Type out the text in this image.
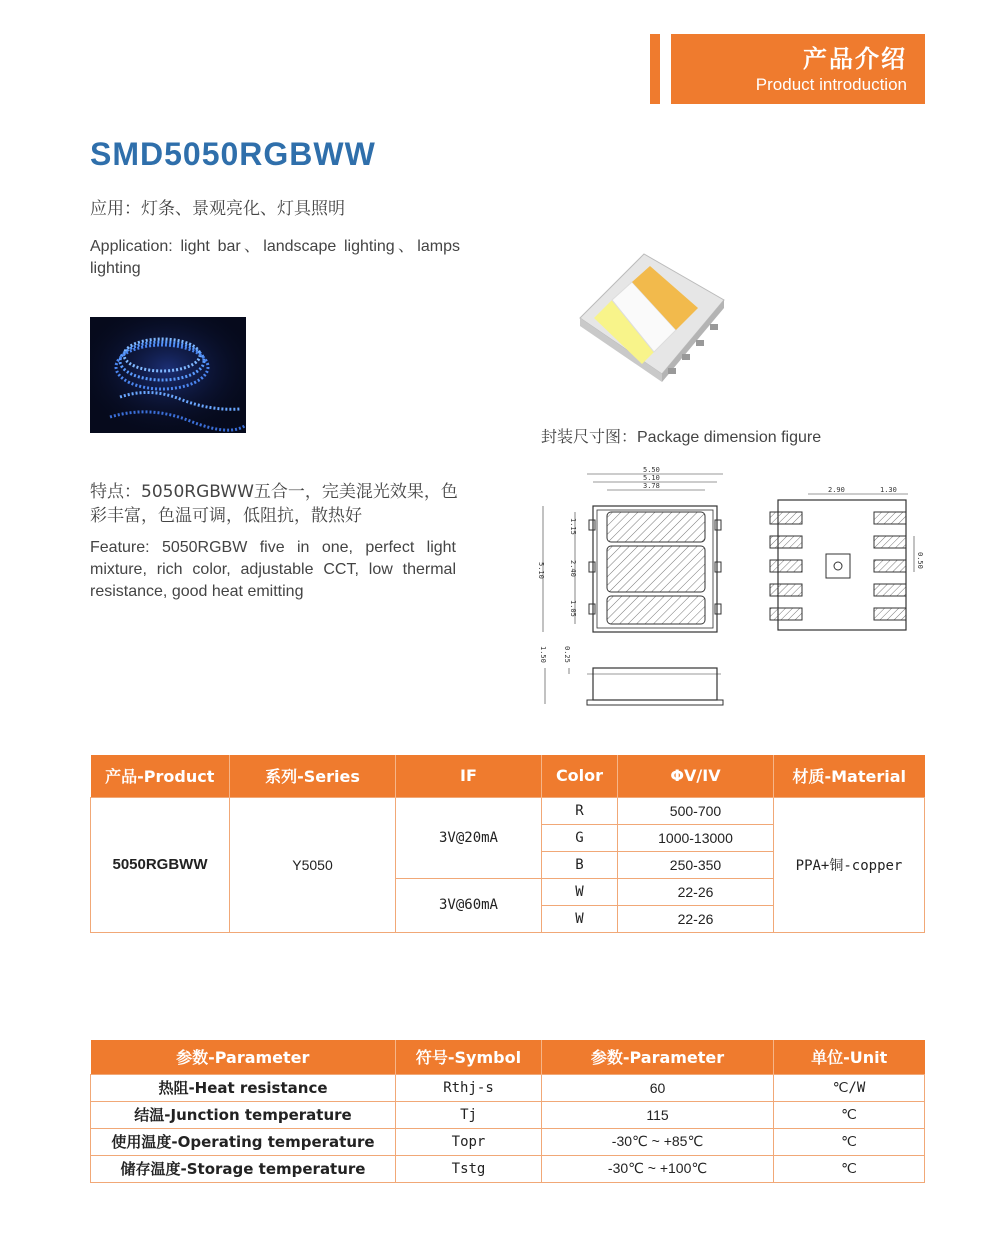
产品介绍
Product introduction
SMD5050RGBWW
应用：灯条、景观亮化、灯具照明
Application: light bar、landscape lighting、lamps lighting
特点：5050RGBWW五合一，完美混光效果，色彩丰富，色温可调，低阻抗，散热好
Feature: 5050RGBW five in one, perfect light mixture, rich color, adjustable CCT, low thermal resistance, good heat emitting
封装尺寸图：Package dimension figure
5.50
5.10
3.78
5.10
1.15
2.40
1.05
1.50 0.25
2.90	1.30
0.50
产品-Product	系列-Series	IF	Color	ΦV/IV	材质-Material
5050RGBWW	Y5050	3V@20mA	R	500-700	PPA+铜-copper
			G	1000-13000	
			B	250-350	
		3V@60mA	W	22-26	
			W	22-26	
参数-Parameter	符号-Symbol	参数-Parameter	单位-Unit
热阻-Heat resistance	Rthj-s	60	℃/W
结温-Junction temperature	Tj	115	℃
使用温度-Operating temperature	Topr	-30℃ ~ +85℃	℃
储存温度-Storage temperature	Tstg	-30℃ ~ +100℃	℃
